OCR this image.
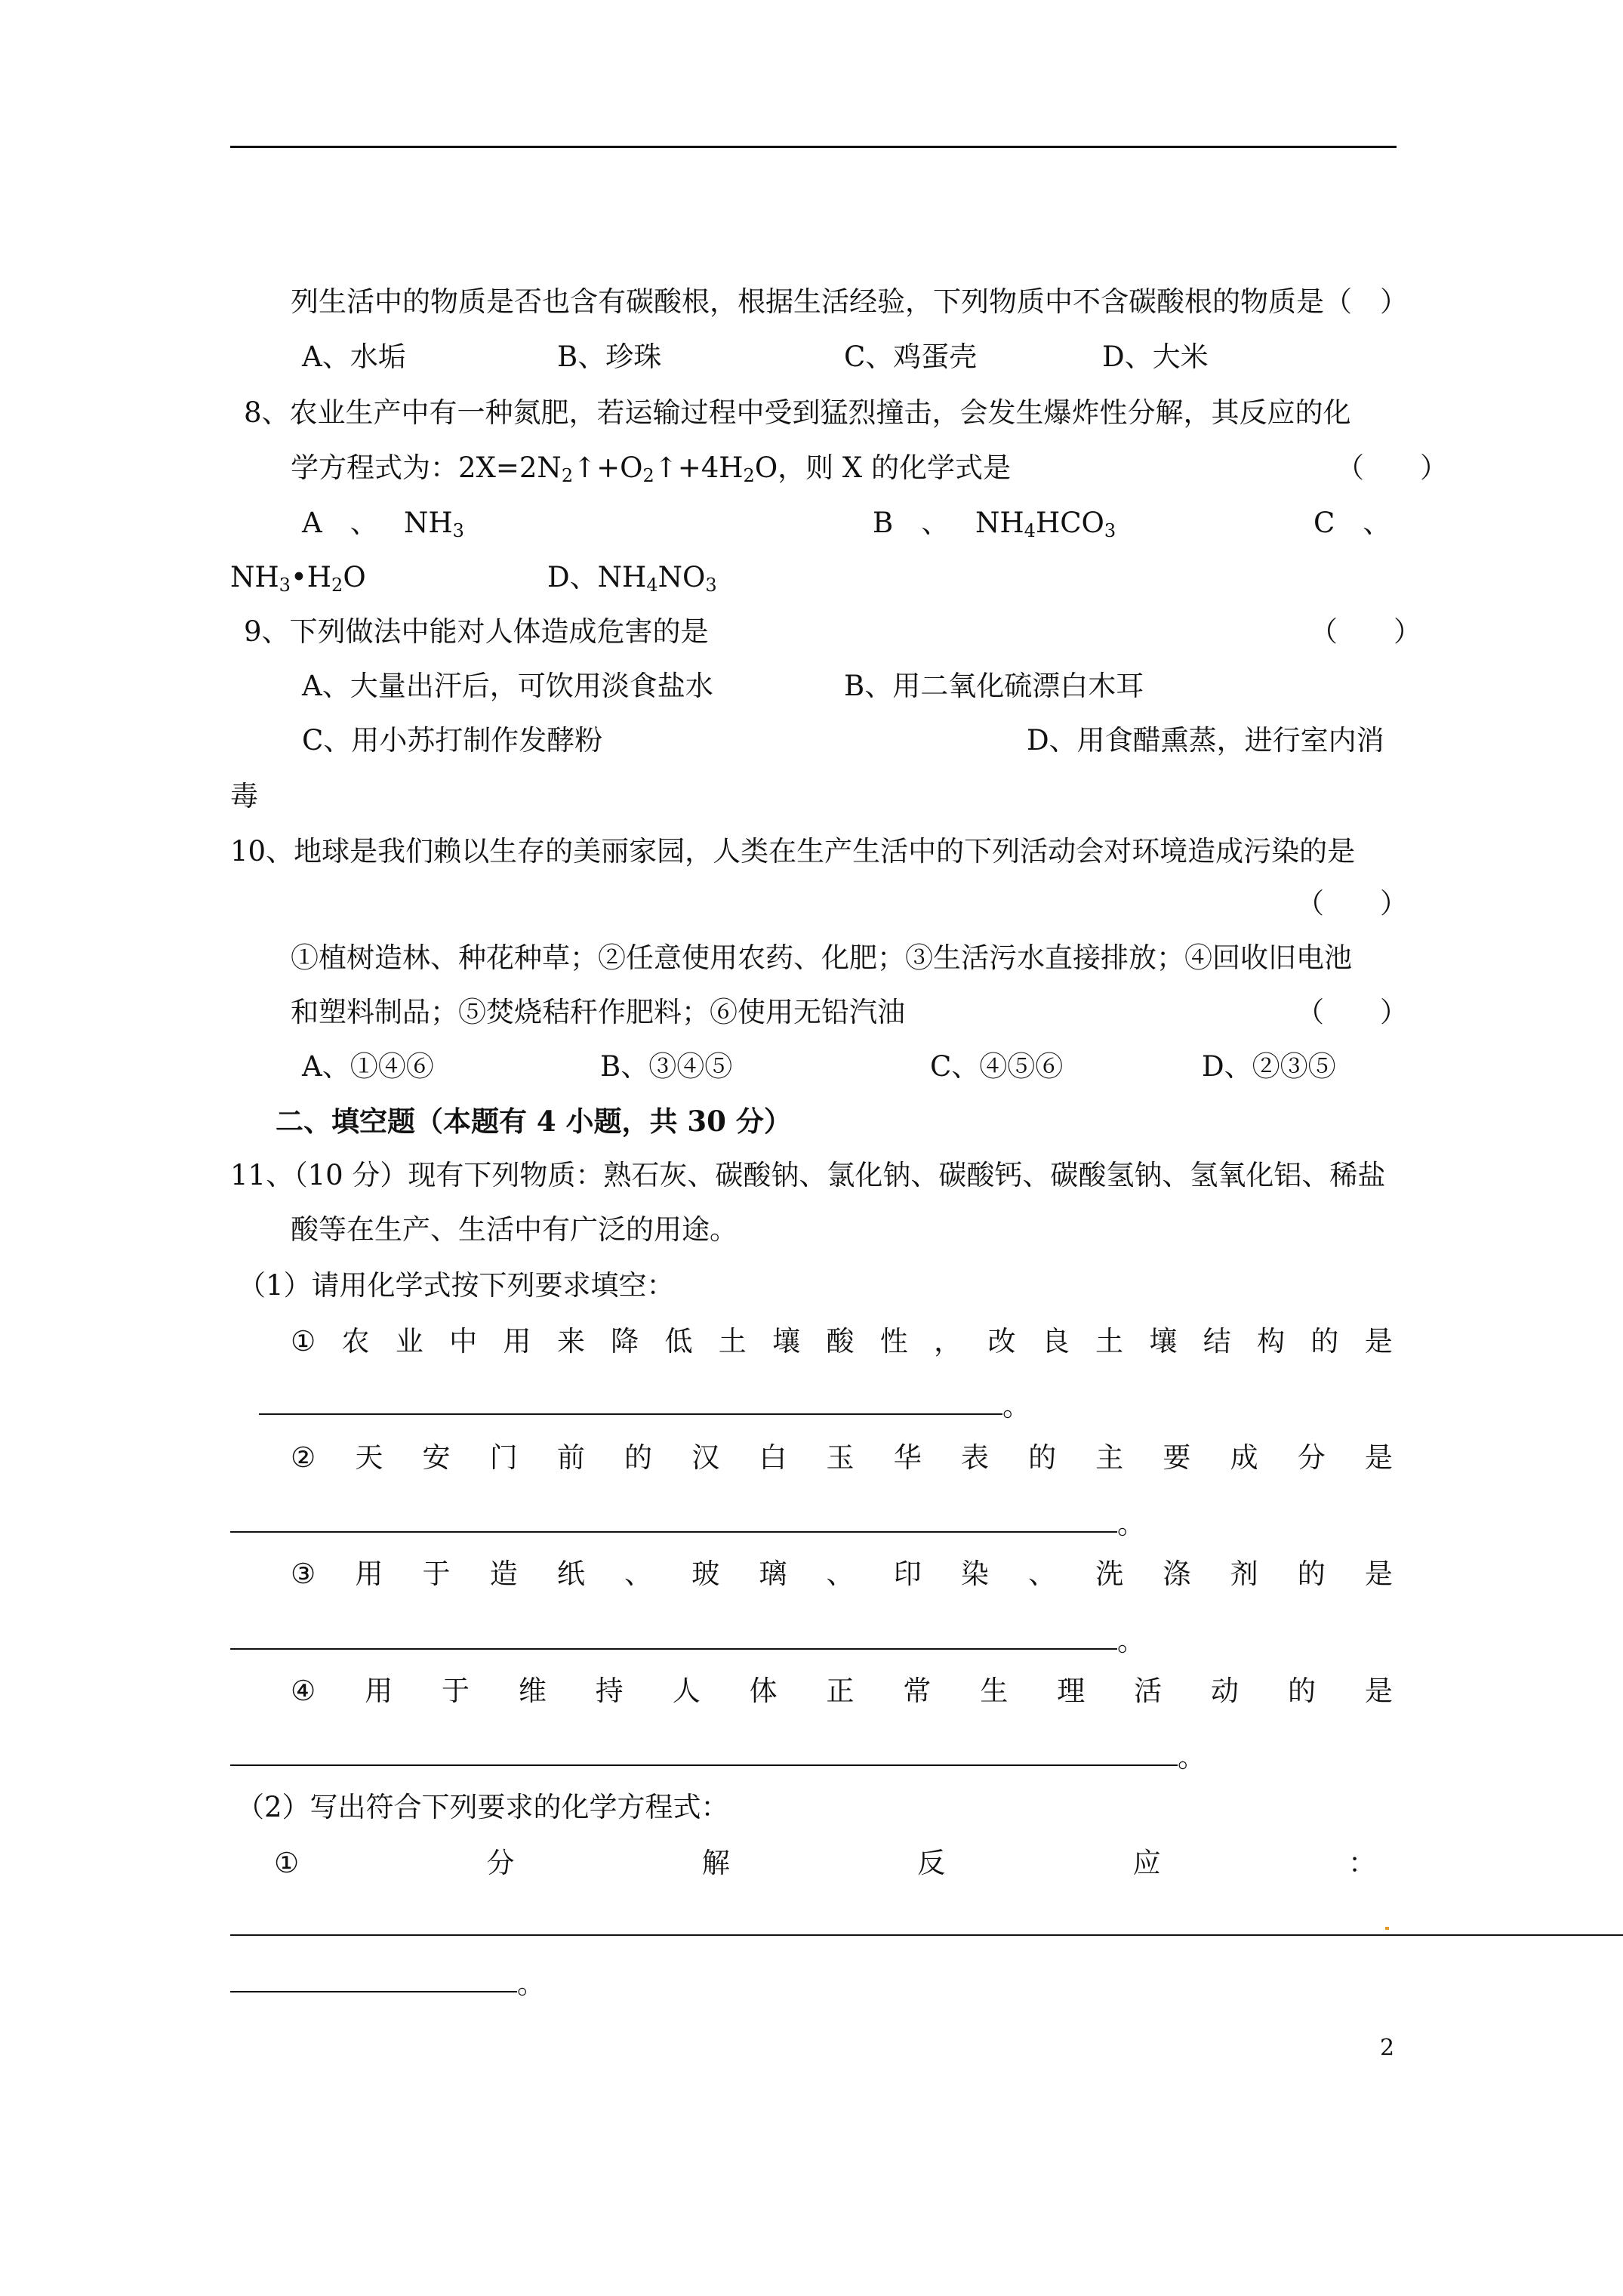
列生活中的物质是否也含有碳酸根，根据生活经验，下列物质中不含碳酸根的物质是（　）
A、水垢	B、珍珠	C、鸡蛋壳	D、大米
8、农业生产中有一种氮肥，若运输过程中受到猛烈撞击，会发生爆炸性分解，其反应的化
学方程式为：$2X=2N_2↑+O_2↑+4H_2O$，则 X 的化学式是	（　　）
A　、 $NH_3$	B　、 $NH_4HCO_3$	C　、
$NH_3•H_2O$	D、$NH_4NO_3$
9、下列做法中能对人体造成危害的是	（　　）
A、大量出汗后，可饮用淡食盐水	B、用二氧化硫漂白木耳
C、用小苏打制作发酵粉	D、用食醋熏蒸，进行室内消
毒
10、地球是我们赖以生存的美丽家园，人类在生产生活中的下列活动会对环境造成污染的是
（　　）
①植树造林、种花种草；②任意使用农药、化肥；③生活污水直接排放；④回收旧电池
和塑料制品；⑤焚烧秸秆作肥料；⑥使用无铅汽油	（　　）
A、①④⑥	B、③④⑤	C、④⑤⑥	D、②③⑤
二、填空题（本题有 4 小题，共 30 分）
11、（10 分）现有下列物质：熟石灰、碳酸钠、氯化钠、碳酸钙、碳酸氢钠、氢氧化铝、稀盐
酸等在生产、生活中有广泛的用途。
（1）请用化学式按下列要求填空：
① 农 业 中 用 来 降 低 土 壤 酸 性 ， 改 良 土 壤 结 构 的 是
。
② 天 安 门 前 的 汉 白 玉 华 表 的 主 要 成 分 是
。
③ 用 于 造 纸 、 玻 璃 、 印 染 、 洗 涤 剂 的 是
。
④ 用 于 维 持 人 体 正 常 生 理 活 动 的 是
。
（2）写出符合下列要求的化学方程式：
①	分	解	反	应	：
。
2
